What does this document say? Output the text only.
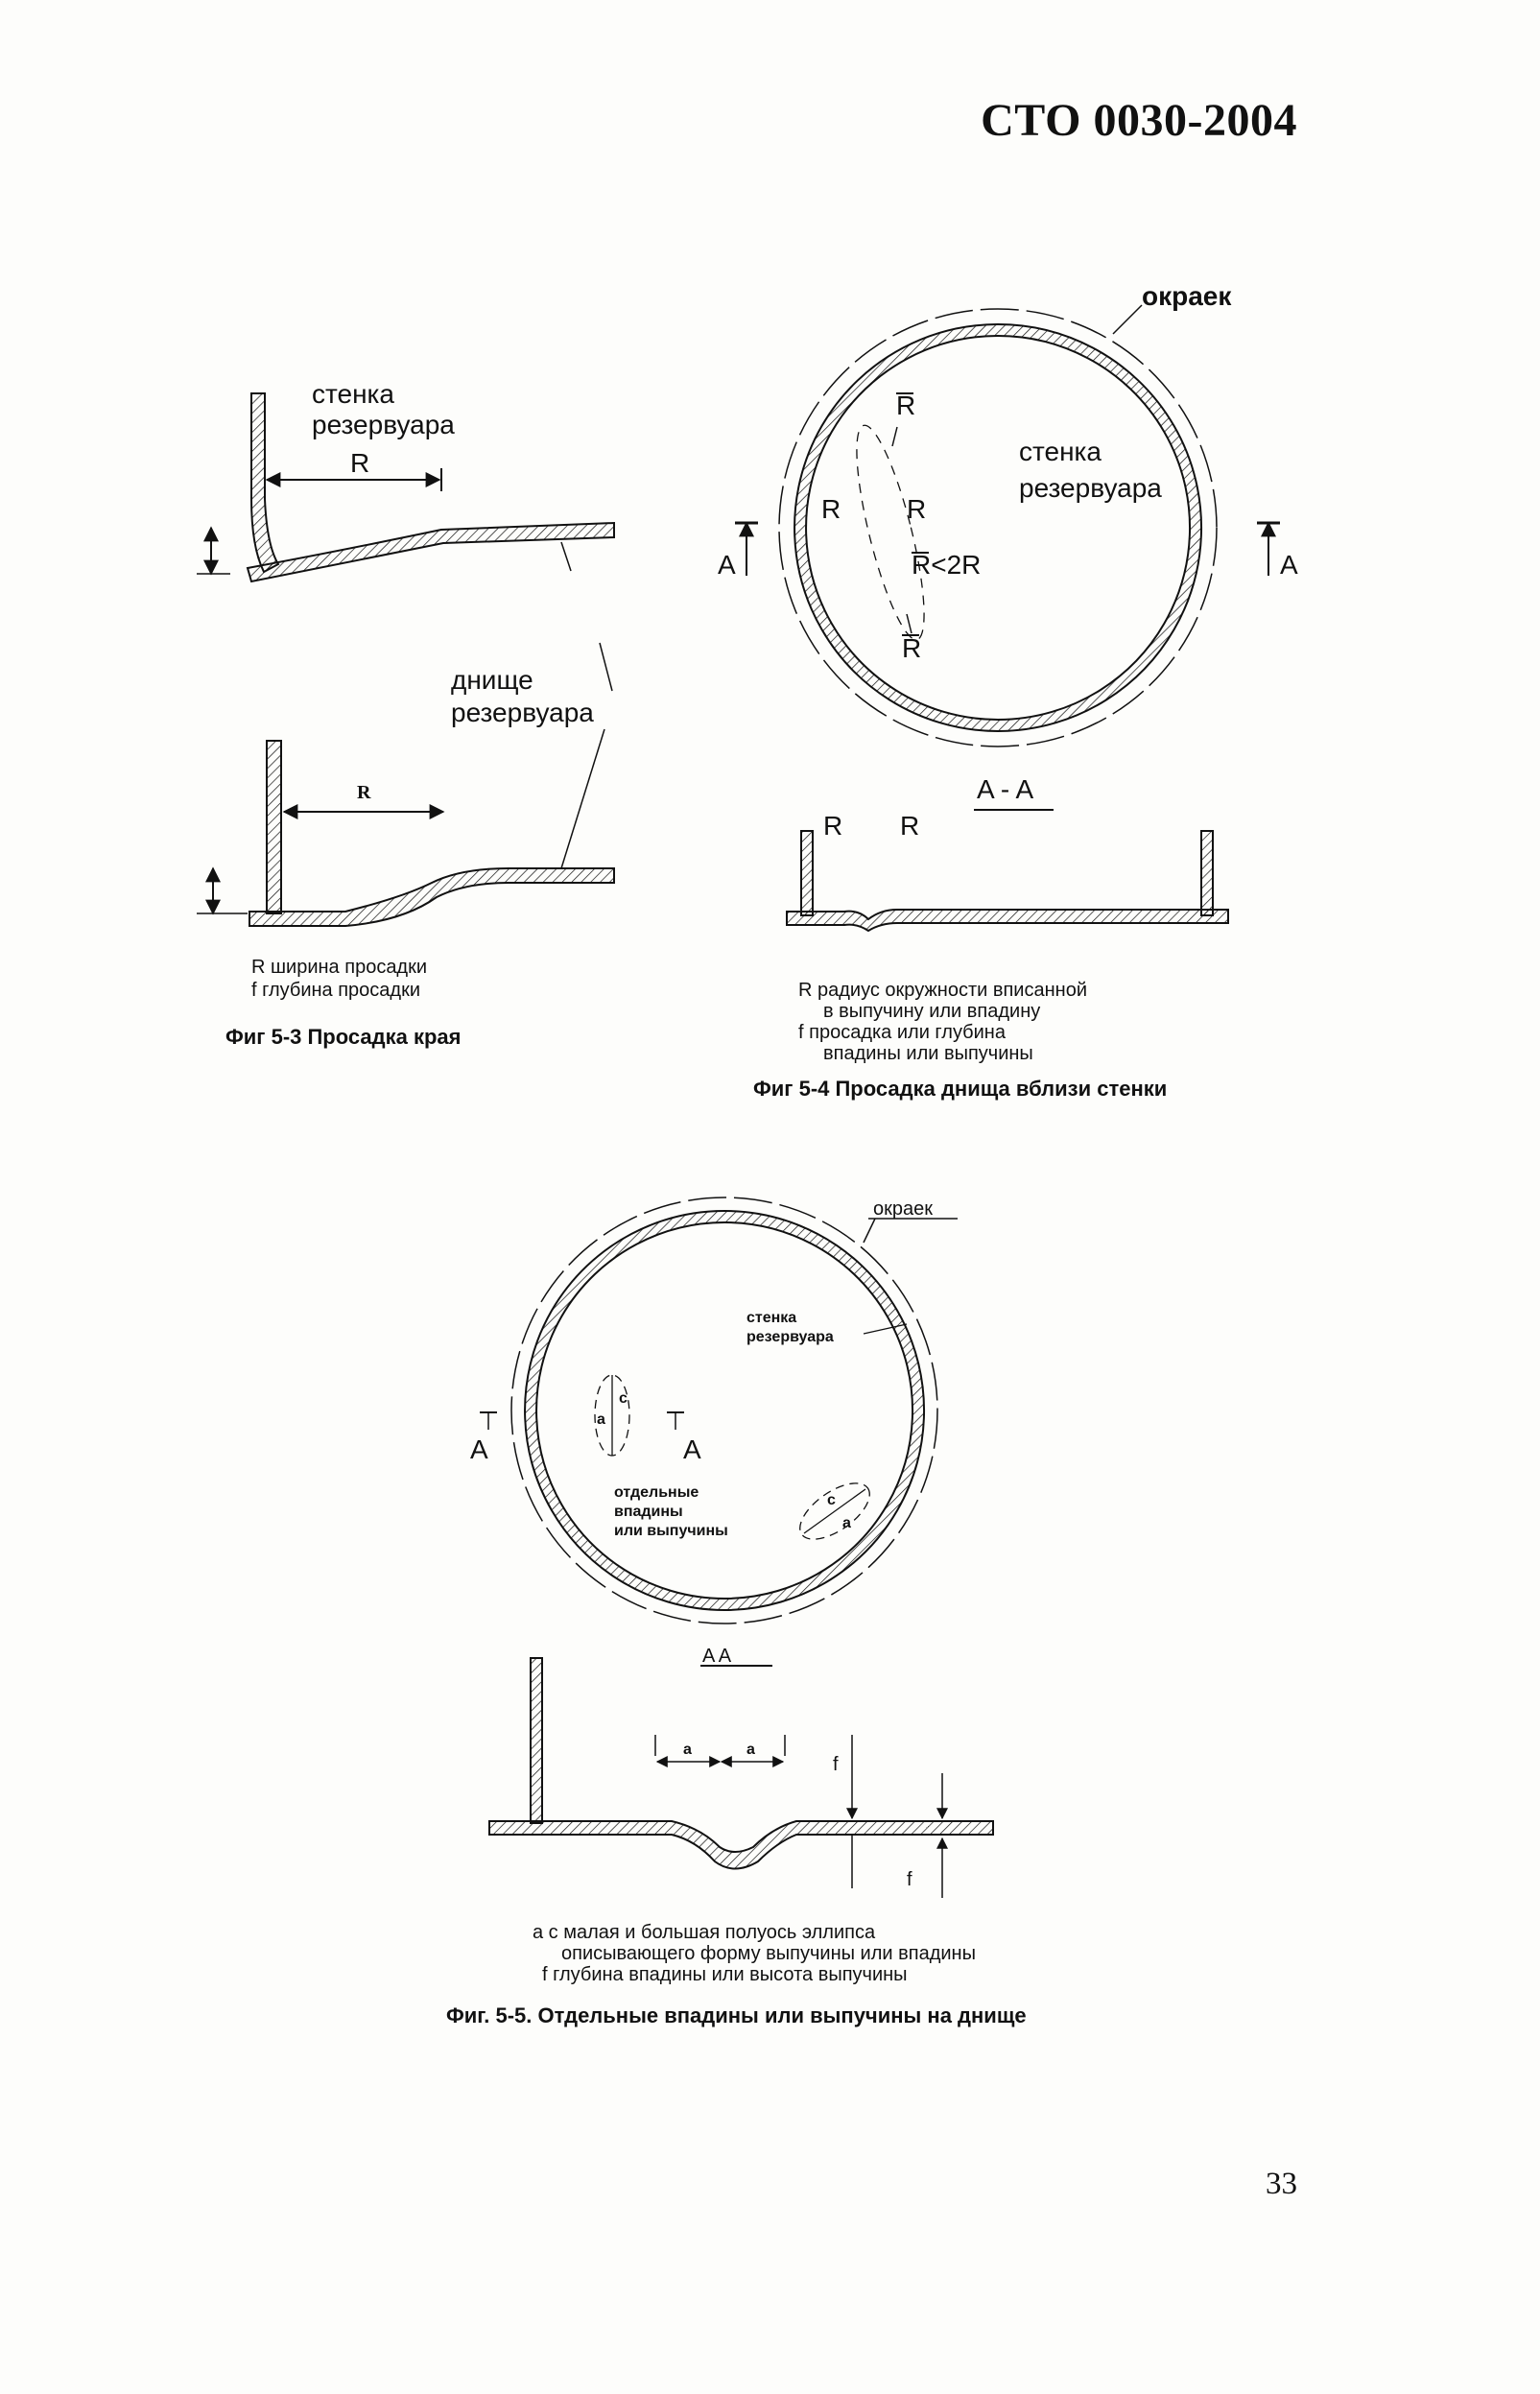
СТО 0030-2004
стенка
резервуара
R
днище
резервуара
R
R ширина просадки
f глубина просадки
Фиг 5-3 Просадка края
окраек
стенка
резервуара
R
R R
R<2R
R
A	A
A - A
R R
R радиус окружности вписанной
в выпучину или впадину
f просадка или глубина
впадины или выпучины
Фиг 5-4 Просадка днища вблизи стенки
окраек
стенка
резервуара
A	A
a
c
c
a
отдельные
впадины
или выпучины
A A
a	a
f
f
a c малая и большая полуось эллипса
описывающего форму выпучины или впадины
f глубина впадины или высота выпучины
Фиг. 5-5. Отдельные впадины или выпучины на днище
33
